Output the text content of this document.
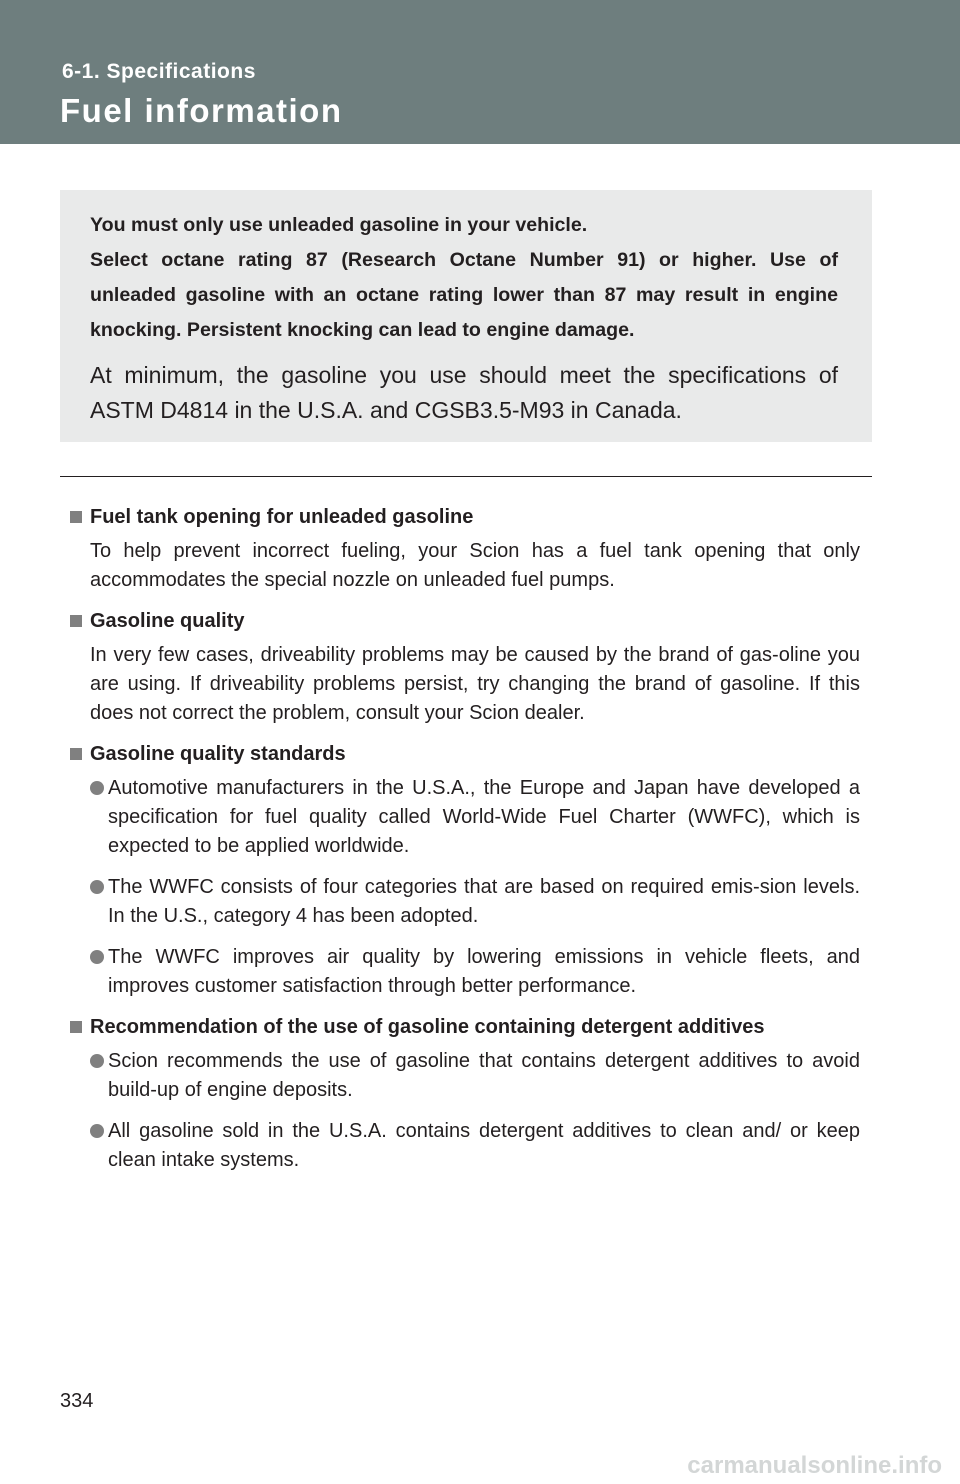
6-1. Specifications

Fuel information

You must only use unleaded gasoline in your vehicle.

Select octane rating 87 (Research Octane Number 91) or higher. Use of unleaded gasoline with an octane rating lower than 87 may result in engine knocking. Persistent knocking can lead to engine damage.

At minimum, the gasoline you use should meet the specifications of ASTM D4814 in the U.S.A. and CGSB3.5-M93 in Canada.

Fuel tank opening for unleaded gasoline

To help prevent incorrect fueling, your Scion has a fuel tank opening that only accommodates the special nozzle on unleaded fuel pumps.

Gasoline quality

In very few cases, driveability problems may be caused by the brand of gas-oline you are using. If driveability problems persist, try changing the brand of gasoline. If this does not correct the problem, consult your Scion dealer.

Gasoline quality standards
Automotive manufacturers in the U.S.A., the Europe and Japan have developed a specification for fuel quality called World-Wide Fuel Charter (WWFC), which is expected to be applied worldwide.
The WWFC consists of four categories that are based on required emis-sion levels. In the U.S., category 4 has been adopted.
The WWFC improves air quality by lowering emissions in vehicle fleets, and improves customer satisfaction through better performance.
Recommendation of the use of gasoline containing detergent additives
Scion recommends the use of gasoline that contains detergent additives to avoid build-up of engine deposits.
All gasoline sold in the U.S.A. contains detergent additives to clean and/ or keep clean intake systems.

334

carmanualsonline.info
